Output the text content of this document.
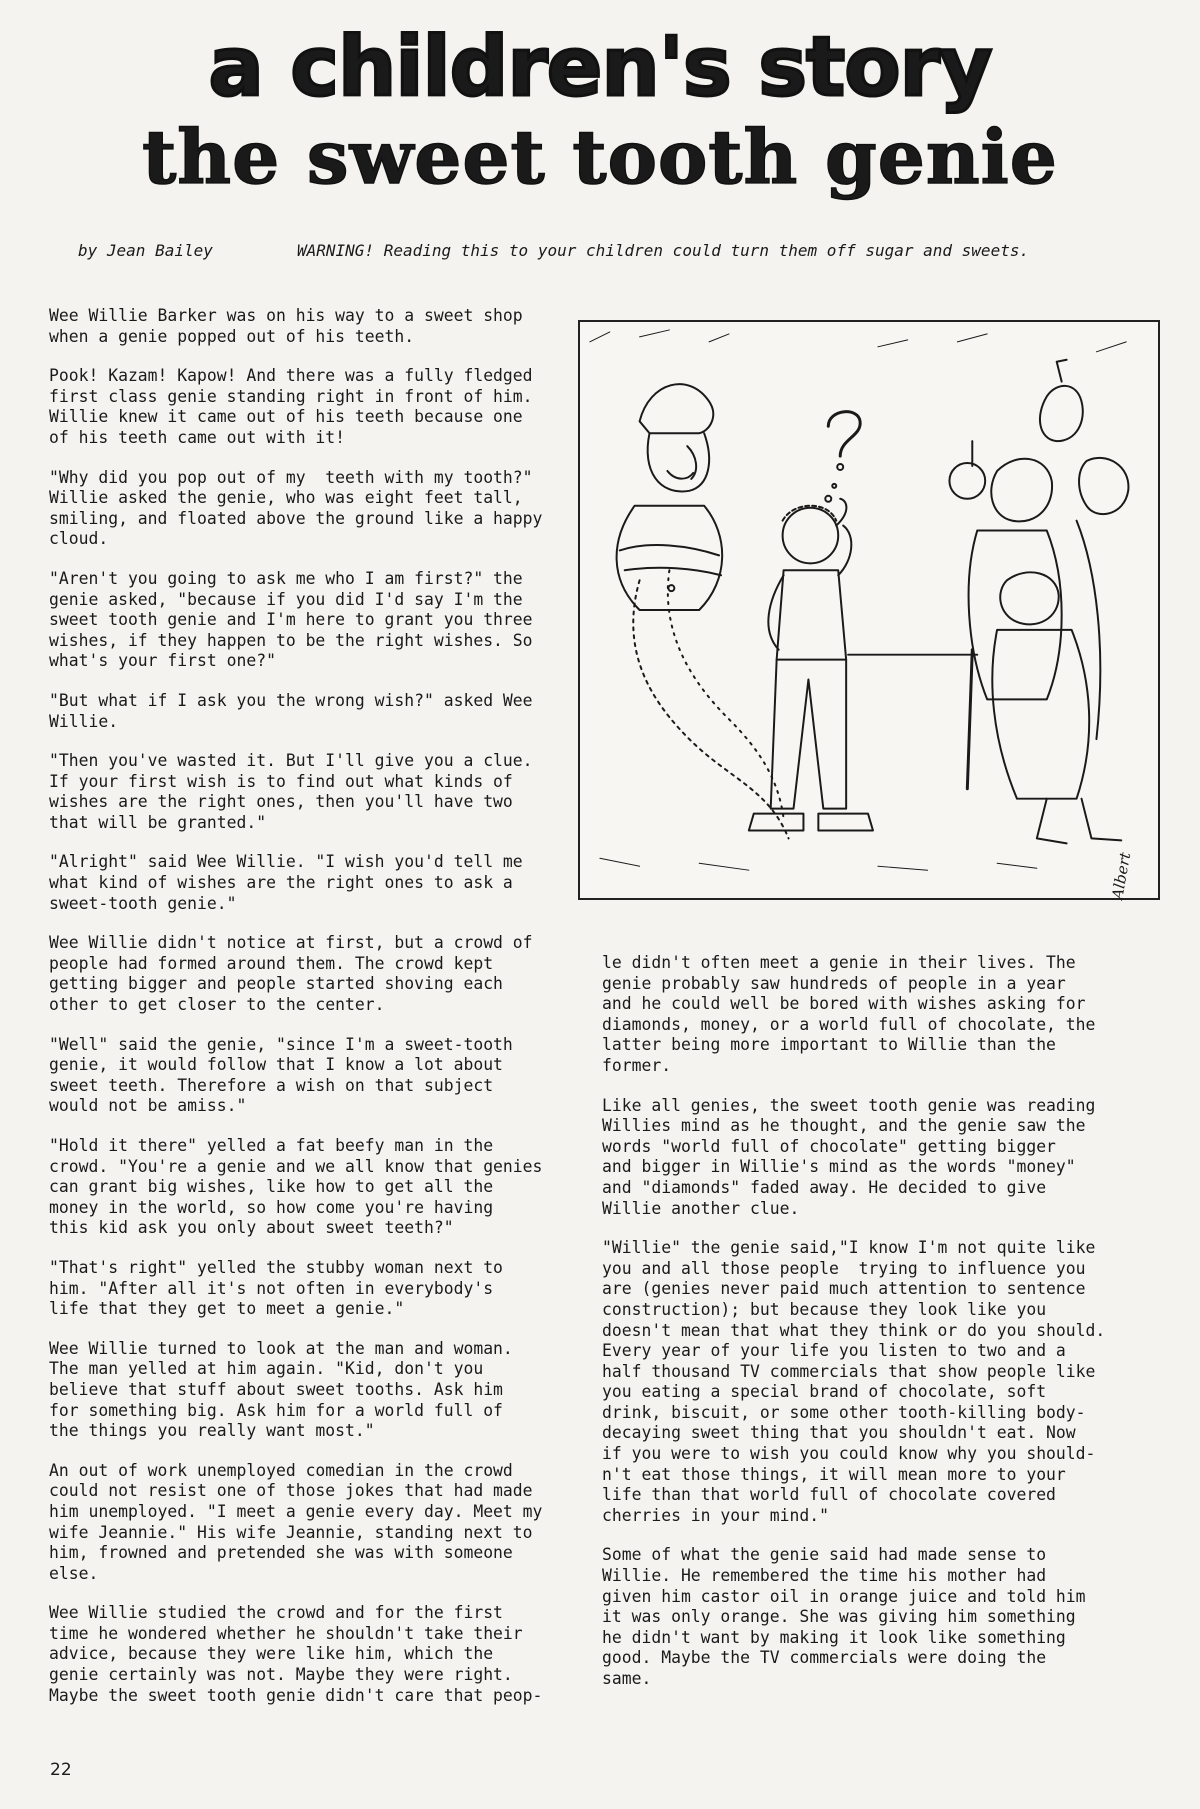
a children's story
the sweet tooth genie
by Jean Bailey	WARNING! Reading this to your children could turn them off sugar and sweets.

Wee Willie Barker was on his way to a sweet shop
when a genie popped out of his teeth.

Pook! Kazam! Kapow! And there was a fully fledged
first class genie standing right in front of him.
Willie knew it came out of his teeth because one
of his teeth came out with it!

"Why did you pop out of my  teeth with my tooth?"
Willie asked the genie, who was eight feet tall,
smiling, and floated above the ground like a happy
cloud.

"Aren't you going to ask me who I am first?" the
genie asked, "because if you did I'd say I'm the
sweet tooth genie and I'm here to grant you three
wishes, if they happen to be the right wishes. So
what's your first one?"

"But what if I ask you the wrong wish?" asked Wee
Willie.

"Then you've wasted it. But I'll give you a clue.
If your first wish is to find out what kinds of
wishes are the right ones, then you'll have two
that will be granted."

"Alright" said Wee Willie. "I wish you'd tell me
what kind of wishes are the right ones to ask a
sweet-tooth genie."

Wee Willie didn't notice at first, but a crowd of
people had formed around them. The crowd kept
getting bigger and people started shoving each
other to get closer to the center.

"Well" said the genie, "since I'm a sweet-tooth
genie, it would follow that I know a lot about
sweet teeth. Therefore a wish on that subject
would not be amiss."

"Hold it there" yelled a fat beefy man in the
crowd. "You're a genie and we all know that genies
can grant big wishes, like how to get all the
money in the world, so how come you're having
this kid ask you only about sweet teeth?"

"That's right" yelled the stubby woman next to
him. "After all it's not often in everybody's
life that they get to meet a genie."

Wee Willie turned to look at the man and woman.
The man yelled at him again. "Kid, don't you
believe that stuff about sweet tooths. Ask him
for something big. Ask him for a world full of
the things you really want most."

An out of work unemployed comedian in the crowd
could not resist one of those jokes that had made
him unemployed. "I meet a genie every day. Meet my
wife Jeannie." His wife Jeannie, standing next to
him, frowned and pretended she was with someone
else.

Wee Willie studied the crowd and for the first
time he wondered whether he shouldn't take their
advice, because they were like him, which the
genie certainly was not. Maybe they were right.
Maybe the sweet tooth genie didn't care that peop-

Albert

le didn't often meet a genie in their lives. The
genie probably saw hundreds of people in a year
and he could well be bored with wishes asking for
diamonds, money, or a world full of chocolate, the
latter being more important to Willie than the
former.

Like all genies, the sweet tooth genie was reading
Willies mind as he thought, and the genie saw the
words "world full of chocolate" getting bigger
and bigger in Willie's mind as the words "money"
and "diamonds" faded away. He decided to give
Willie another clue.

"Willie" the genie said,"I know I'm not quite like
you and all those people  trying to influence you
are (genies never paid much attention to sentence
construction); but because they look like you
doesn't mean that what they think or do you should.
Every year of your life you listen to two and a
half thousand TV commercials that show people like
you eating a special brand of chocolate, soft
drink, biscuit, or some other tooth-killing body-
decaying sweet thing that you shouldn't eat. Now
if you were to wish you could know why you should-
n't eat those things, it will mean more to your
life than that world full of chocolate covered
cherries in your mind."

Some of what the genie said had made sense to
Willie. He remembered the time his mother had
given him castor oil in orange juice and told him
it was only orange. She was giving him something
he didn't want by making it look like something
good. Maybe the TV commercials were doing the
same.

22
